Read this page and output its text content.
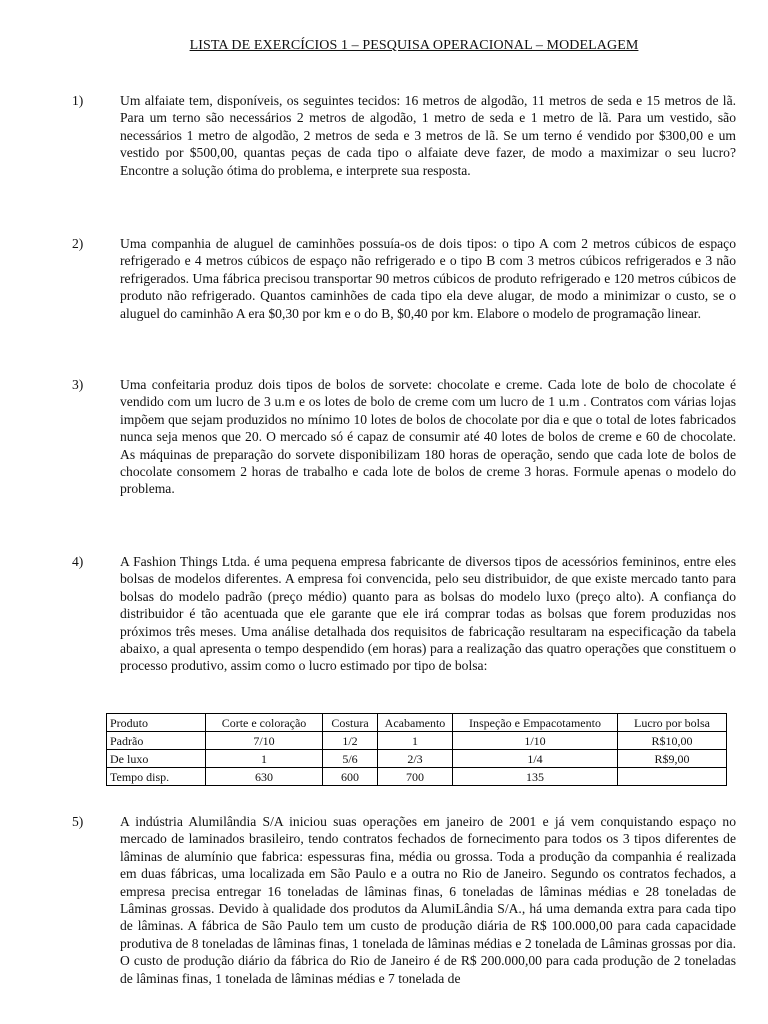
LISTA DE EXERCÍCIOS 1 – PESQUISA OPERACIONAL – MODELAGEM
1)	Um alfaiate tem, disponíveis, os seguintes tecidos: 16 metros de algodão, 11 metros de seda e 15 metros de lã. Para um terno são necessários 2 metros de algodão, 1 metro de seda e 1 metro de lã. Para um vestido, são necessários 1 metro de algodão, 2 metros de seda e 3 metros de lã. Se um terno é vendido por $300,00 e um vestido por $500,00, quantas peças de cada tipo o alfaiate deve fazer, de modo a maximizar o seu lucro? Encontre a solução ótima do problema, e interprete sua resposta.

2)	Uma companhia de aluguel de caminhões possuía-os de dois tipos: o tipo A com 2 metros cúbicos de espaço refrigerado e 4 metros cúbicos de espaço não refrigerado e o tipo B com 3 metros cúbicos refrigerados e 3 não refrigerados. Uma fábrica precisou transportar 90 metros cúbicos de produto refrigerado e 120 metros cúbicos de produto não refrigerado. Quantos caminhões de cada tipo ela deve alugar, de modo a minimizar o custo, se o aluguel do caminhão A era $0,30 por km e o do B, $0,40 por km. Elabore o modelo de programação linear.

3)	Uma confeitaria produz dois tipos de bolos de sorvete: chocolate e creme. Cada lote de bolo de chocolate é vendido com um lucro de 3 u.m e os lotes de bolo de creme com um lucro de 1 u.m . Contratos com várias lojas impõem que sejam produzidos no mínimo 10 lotes de bolos de chocolate por dia e que o total de lotes fabricados nunca seja menos que 20. O mercado só é capaz de consumir até 40 lotes de bolos de creme e 60 de chocolate. As máquinas de preparação do sorvete disponibilizam 180 horas de operação, sendo que cada lote de bolos de chocolate consomem 2 horas de trabalho e cada lote de bolos de creme 3 horas. Formule apenas o modelo do problema.

4)	A Fashion Things Ltda. é uma pequena empresa fabricante de diversos tipos de acessórios femininos, entre eles bolsas de modelos diferentes. A empresa foi convencida, pelo seu distribuidor, de que existe mercado tanto para bolsas do modelo padrão (preço médio) quanto para as bolsas do modelo luxo (preço alto). A confiança do distribuidor é tão acentuada que ele garante que ele irá comprar todas as bolsas que forem produzidas nos próximos três meses. Uma análise detalhada dos requisitos de fabricação resultaram na especificação da tabela abaixo, a qual apresenta o tempo despendido (em horas) para a realização das quatro operações que constituem o processo produtivo, assim como o lucro estimado por tipo de bolsa:

Produto	Corte e coloração	Costura	Acabamento	Inspeção e Empacotamento	Lucro por bolsa
Padrão	7/10	1/2	1	1/10	R$10,00
De luxo	1	5/6	2/3	1/4	R$9,00
Tempo disp.	630	600	700	135	
5)	A indústria Alumilândia S/A iniciou suas operações em janeiro de 2001 e já vem conquistando espaço no mercado de laminados brasileiro, tendo contratos fechados de fornecimento para todos os 3 tipos diferentes de lâminas de alumínio que fabrica: espessuras fina, média ou grossa. Toda a produção da companhia é realizada em duas fábricas, uma localizada em São Paulo e a outra no Rio de Janeiro. Segundo os contratos fechados, a empresa precisa entregar 16 toneladas de lâminas finas, 6 toneladas de lâminas médias e 28 toneladas de Lâminas grossas. Devido à qualidade dos produtos da AlumiLândia S/A., há uma demanda extra para cada tipo de lâminas. A fábrica de São Paulo tem um custo de produção diária de R$ 100.000,00 para cada capacidade produtiva de 8 toneladas de lâminas finas, 1 tonelada de lâminas médias e 2 tonelada de Lâminas grossas por dia. O custo de produção diário da fábrica do Rio de Janeiro é de R$ 200.000,00 para cada produção de 2 toneladas de lâminas finas, 1 tonelada de lâminas médias e 7 tonelada de
